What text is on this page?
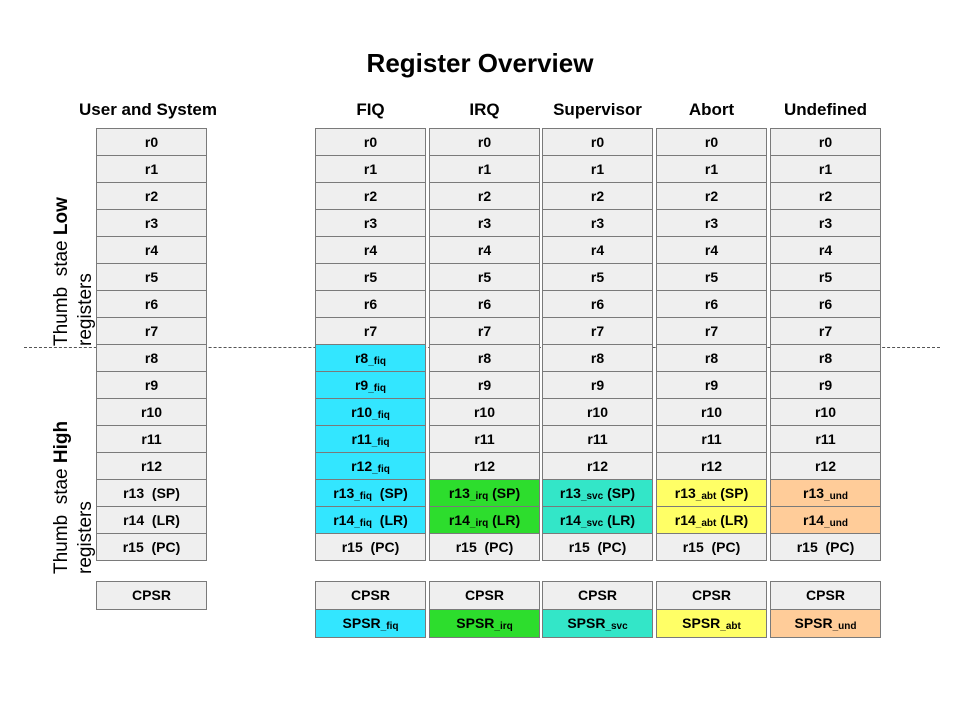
Register Overview
Thumb  stae Low
registers
Thumb  stae High
registers
User and System
r0
r1
r2
r3
r4
r5
r6
r7
r8
r9
r10
r11
r12
r13  (SP)
r14  (LR)
r15  (PC)
CPSR
FIQ
r0
r1
r2
r3
r4
r5
r6
r7
$r8_{\_fiq}$
$r9_{\_fiq}$
$r10_{\_fiq}$
$r11_{\_fiq}$
$r12_{\_fiq}$
$r13_{\_fiq}$  (SP)
$r14_{\_fiq}$  (LR)
r15  (PC)
CPSR
$SPSR_{\_fiq}$
IRQ
r0
r1
r2
r3
r4
r5
r6
r7
r8
r9
r10
r11
r12
$r13_{\_irq}$ (SP)
$r14_{\_irq}$ (LR)
r15  (PC)
CPSR
$SPSR_{\_irq}$
Supervisor
r0
r1
r2
r3
r4
r5
r6
r7
r8
r9
r10
r11
r12
$r13_{\_svc}$ (SP)
$r14_{\_svc}$ (LR)
r15  (PC)
CPSR
$SPSR_{\_svc}$
Abort
r0
r1
r2
r3
r4
r5
r6
r7
r8
r9
r10
r11
r12
$r13_{\_abt}$ (SP)
$r14_{\_abt}$ (LR)
r15  (PC)
CPSR
$SPSR_{\_abt}$
Undefined
r0
r1
r2
r3
r4
r5
r6
r7
r8
r9
r10
r11
r12
$r13_{\_und}$
$r14_{\_und}$
r15  (PC)
CPSR
$SPSR_{\_und}$
